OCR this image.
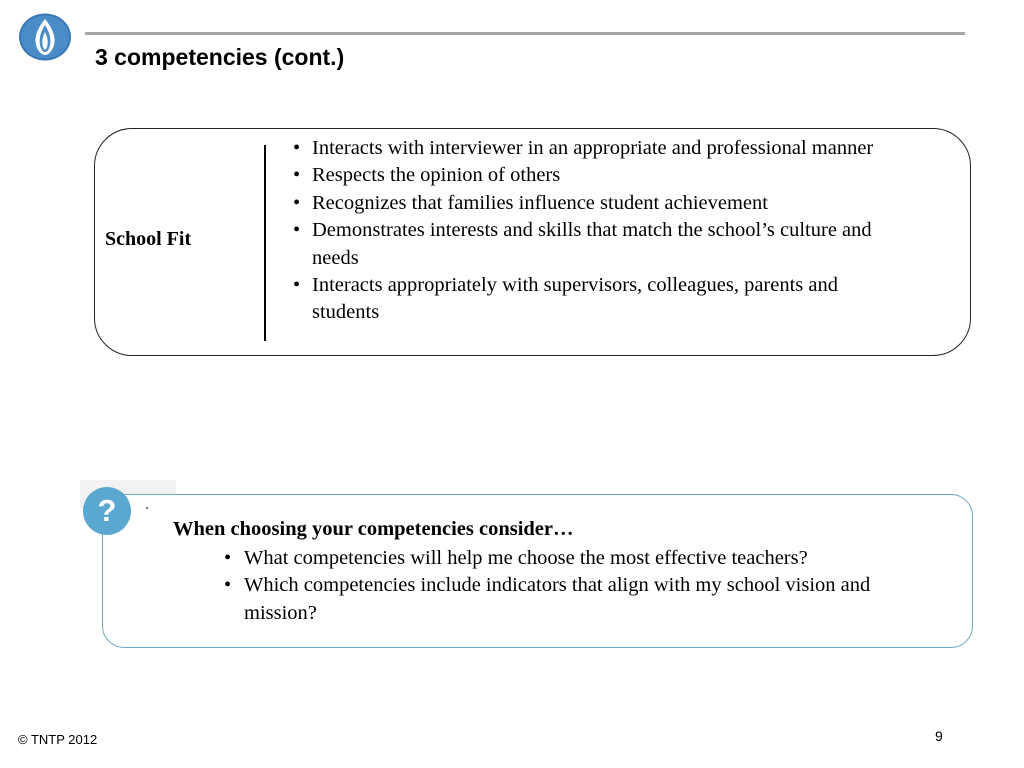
3 competencies (cont.)
School Fit
• Interacts with interviewer in an appropriate and professional manner
• Respects the opinion of others
• Recognizes that families influence student achievement
• Demonstrates interests and skills that match the school’s culture and needs
• Interacts appropriately with supervisors, colleagues, parents and students
?
When choosing your competencies consider…
• What competencies will help me choose the most effective teachers?
• Which competencies include indicators that align with my school vision and mission?
© TNTP 2012	9
